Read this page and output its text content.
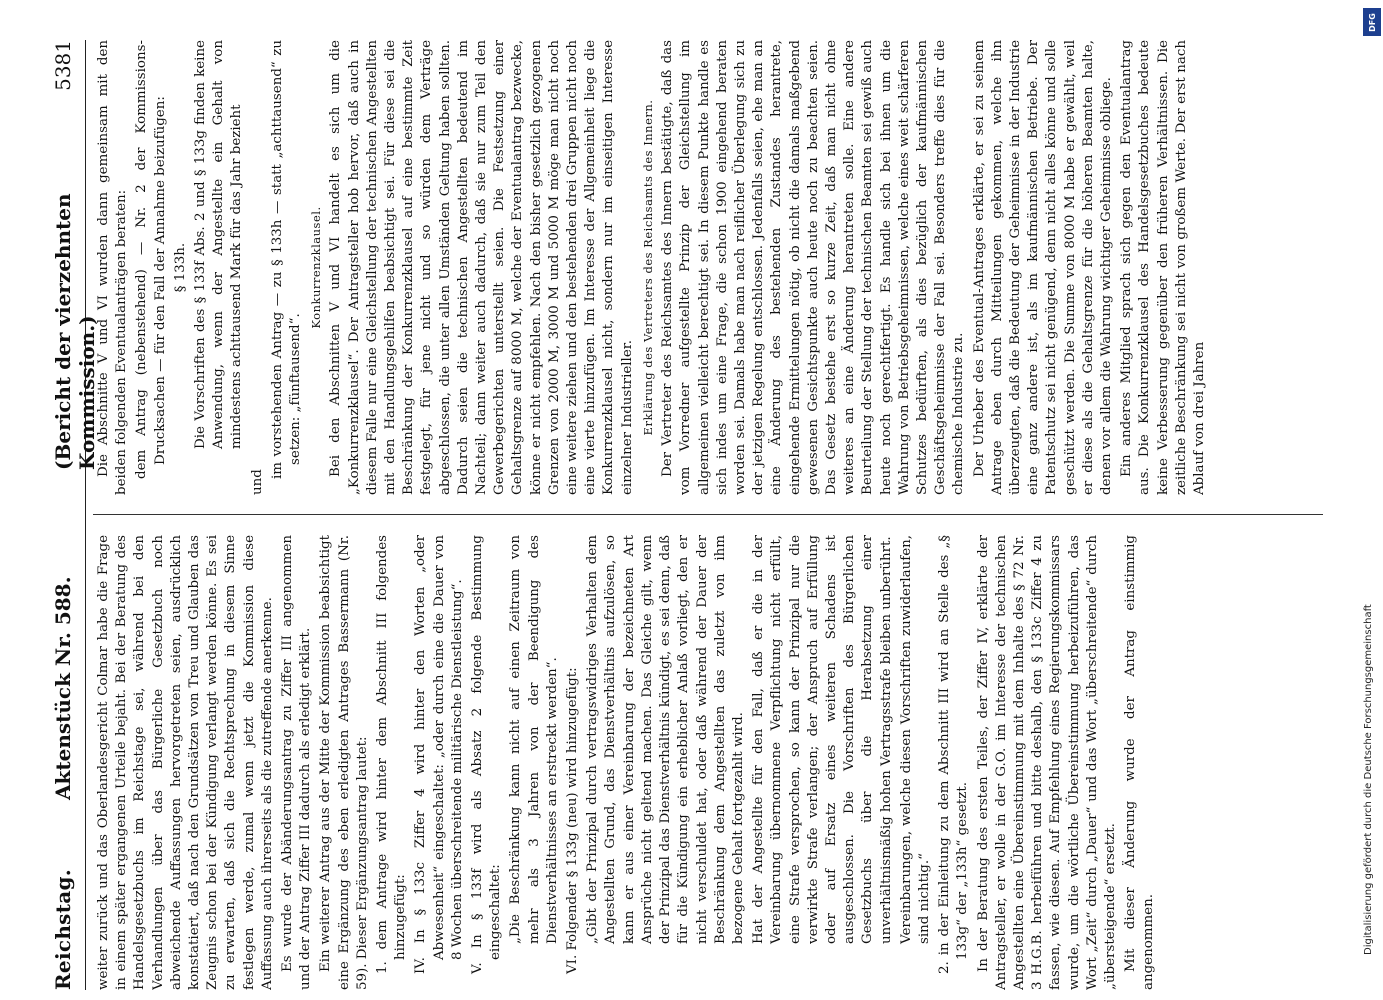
Reichstag.
Aktenstück Nr. 588.
(Bericht der vierzehnten Kommission.)
5381

weiter zurück und das Oberlandesgericht Colmar habe die Frage in einem später ergangenen Urteile bejaht. Bei der Beratung des Handelsgesetzbuchs im Reichstage sei, während bei den Verhandlungen über das Bürgerliche Gesetzbuch noch abweichende Auffassungen hervorgetreten seien, ausdrücklich konstatiert, daß nach den Grundsätzen von Treu und Glauben das Zeugnis schon bei der Kündigung verlangt werden könne. Es sei zu erwarten, daß sich die Rechtsprechung in diesem Sinne festlegen werde, zumal wenn jetzt die Kommission diese Auffassung auch ihrerseits als die zutreffende anerkenne. Es wurde der Abänderungsantrag zu Ziffer III angenommen und der Antrag Ziffer III dadurch als erledigt erklärt. Ein weiterer Antrag aus der Mitte der Kommission beabsichtigt eine Ergänzung des eben erledigten Antrages Bassermann (Nr. 59). Dieser Ergänzungsantrag lautet: 1. dem Antrage wird hinter dem Abschnitt III folgendes hinzugefügt: IV. In § 133c Ziffer 4 wird hinter den Worten „oder Abwesenheit“ eingeschaltet: „oder durch eine die Dauer von 8 Wochen überschreitende militärische Dienstleistung“. V. In § 133f wird als Absatz 2 folgende Bestimmung eingeschaltet: „Die Beschränkung kann nicht auf einen Zeitraum von mehr als 3 Jahren von der Beendigung des Dienstverhältnisses an erstreckt werden“. VI. Folgender § 133g (neu) wird hinzugefügt: „Gibt der Prinzipal durch vertragswidriges Verhalten dem Angestellten Grund, das Dienstverhältnis aufzulösen, so kann er aus einer Vereinbarung der bezeichneten Art Ansprüche nicht geltend machen. Das Gleiche gilt, wenn der Prinzipal das Dienstverhältnis kündigt, es sei denn, daß für die Kündigung ein erheblicher Anlaß vorliegt, den er nicht verschuldet hat, oder daß während der Dauer der Beschränkung dem Angestellten das zuletzt von ihm bezogene Gehalt fortgezahlt wird. Hat der Angestellte für den Fall, daß er die in der Vereinbarung übernommene Verpflichtung nicht erfüllt, eine Strafe versprochen, so kann der Prinzipal nur die verwirkte Strafe verlangen; der Anspruch auf Erfüllung oder auf Ersatz eines weiteren Schadens ist ausgeschlossen. Die Vorschriften des Bürgerlichen Gesetzbuchs über die Herabsetzung einer unverhältnismäßig hohen Vertragsstrafe bleiben unberührt. Vereinbarungen, welche diesen Vorschriften zuwiderlaufen, sind nichtig.“ 2. in der Einleitung zu dem Abschnitt III wird an Stelle des „§ 133g“ der „133h“ gesetzt. In der Beratung des ersten Teiles, der Ziffer IV, erklärte der Antragsteller, er wolle in der G.O. im Interesse der technischen Angestellten eine Übereinstimmung mit dem Inhalte des § 72 Nr. 3 H.G.B. herbeiführen und bitte deshalb, den § 133c Ziffer 4 zu fassen, wie diesen. Auf Empfehlung eines Regierungskommissars wurde, um die wörtliche Übereinstimmung herbeizuführen, das Wort „Zeit“ durch „Dauer“ und das Wort „überschreitende“ durch „übersteigende“ ersetzt. Mit dieser Änderung wurde der Antrag einstimmig angenommen.

Die Abschnitte V und VI wurden dann gemeinsam mit den beiden folgenden Eventualanträgen beraten: dem Antrag (nebenstehend) — Nr. 2 der Kommissions-Drucksachen — für den Fall der Annahme beizufügen: § 133h. Die Vorschriften des § 133f Abs. 2 und § 133g finden keine Anwendung, wenn der Angestellte ein Gehalt von mindestens achttausend Mark für das Jahr bezieht

und

im vorstehenden Antrag — zu § 133h — statt „achttausend“ zu setzen: „fünftausend“.

Konkurrenzklausel. Bei den Abschnitten V und VI handelt es sich um die „Konkurrenzklausel“. Der Antragsteller hob hervor, daß auch in diesem Falle nur eine Gleichstellung der technischen Angestellten mit den Handlungsgehilfen beabsichtigt sei. Für diese sei die Beschränkung der Konkurrenzklausel auf eine bestimmte Zeit festgelegt, für jene nicht und so würden dem Verträge abgeschlossen, die unter allen Umständen Geltung haben sollten. Dadurch seien die technischen Angestellten bedeutend im Nachteil; dann weiter auch dadurch, daß sie nur zum Teil den Gewerbegerichten unterstellt seien. Die Festsetzung einer Gehaltsgrenze auf 8000 M, welche der Eventualantrag bezwecke, könne er nicht empfehlen. Nach den bisher gesetzlich gezogenen Grenzen von 2000 M, 3000 M und 5000 M möge man nicht noch eine weitere ziehen und den bestehenden drei Gruppen nicht noch eine vierte hinzufügen. Im Interesse der Allgemeinheit liege die Konkurrenzklausel nicht, sondern nur im einseitigen Interesse einzelner Industrieller. Erklärung des Vertreters des Reichsamts des Innern. Der Vertreter des Reichsamtes des Innern bestätigte, daß das vom Vorredner aufgestellte Prinzip der Gleichstellung im allgemeinen vielleicht berechtigt sei. In diesem Punkte handle es sich indes um eine Frage, die schon 1900 eingehend beraten worden sei. Damals habe man nach reiflicher Überlegung sich zu der jetzigen Regelung entschlossen. Jedenfalls seien, ehe man an eine Änderung des bestehenden Zustandes herantrete, eingehende Ermittelungen nötig, ob nicht die damals maßgebend gewesenen Gesichtspunkte auch heute noch zu beachten seien. Das Gesetz bestehe erst so kurze Zeit, daß man nicht ohne weiteres an eine Änderung herantreten solle. Eine andere Beurteilung der Stellung der technischen Beamten sei gewiß auch heute noch gerechtfertigt. Es handle sich bei ihnen um die Wahrung von Betriebsgeheimnissen, welche eines weit schärferen Schutzes bedürften, als dies bezüglich der kaufmännischen Geschäftsgeheimnisse der Fall sei. Besonders treffe dies für die chemische Industrie zu. Der Urheber des Eventual-Antrages erklärte, er sei zu seinem Antrage eben durch Mitteilungen gekommen, welche ihn überzeugten, daß die Bedeutung der Geheimnisse in der Industrie eine ganz andere ist, als im kaufmännischen Betriebe. Der Patentschutz sei nicht genügend, denn nicht alles könne und solle geschützt werden. Die Summe von 8000 M habe er gewählt, weil er diese als die Gehaltsgrenze für die höheren Beamten halte, denen vor allem die Wahrung wichtiger Geheimnisse obliege. Ein anderes Mitglied sprach sich gegen den Eventualantrag aus. Die Konkurrenzklausel des Handelsgesetzbuches bedeute keine Verbesserung gegenüber den früheren Verhältnissen. Die zeitliche Beschränkung sei nicht von großem Werte. Der erst nach Ablauf von drei Jahren

DFG
Digitalisierung gefördert durch die Deutsche Forschungsgemeinschaft
